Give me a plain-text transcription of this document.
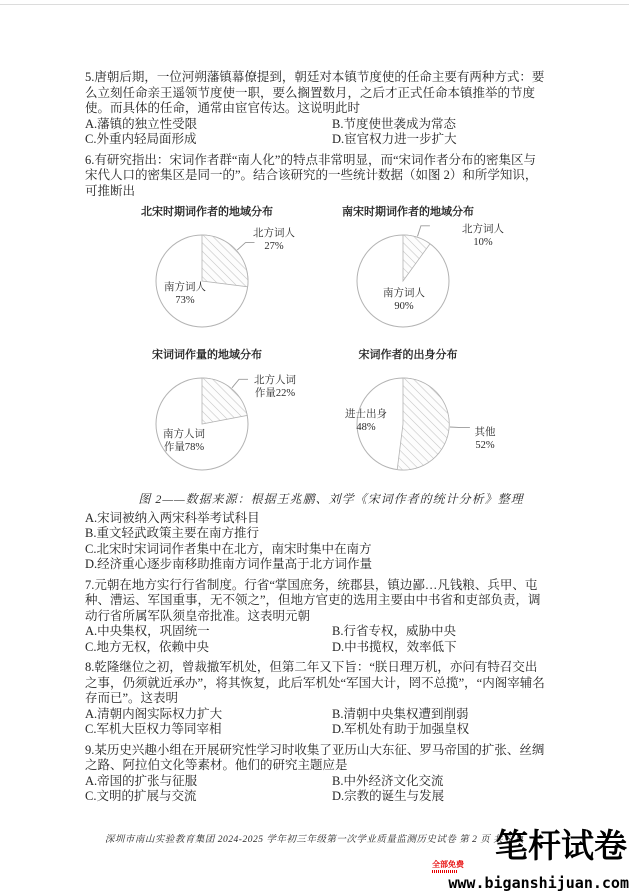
5.唐朝后期，一位河朔藩镇幕僚提到，朝廷对本镇节度使的任命主要有两种方式：要么立刻任命亲王遥领节度使一职，要么搁置数月，之后才正式任命本镇推举的节度使。而具体的任命，通常由宦官传达。这说明此时

A.藩镇的独立性受限	B.节度使世袭成为常态
C.外重内轻局面形成	D.宦官权力进一步扩大

6.有研究指出：宋词作者群“南人化”的特点非常明显，而“宋词作者分布的密集区与宋代人口的密集区是同一的”。结合该研究的一些统计数据（如图 2）和所学知识，可推断出

北宋时期词作者的地域分布
北方词人
27%
南方词人
73%
南宋时期词作者的地域分布
北方词人
10%
南方词人
90%
宋词词作量的地域分布
北方人词
作量22%
南方人词
作量78%
宋词作者的出身分布
其他
52%
进士出身
48%
图 2——数据来源：根据王兆鹏、刘学《宋词作者的统计分析》整理
A.宋词被纳入两宋科举考试科目
B.重文轻武政策主要在南方推行
C.北宋时宋词词作者集中在北方，南宋时集中在南方
D.经济重心逐步南移助推南方词作量高于北方词作量

7.元朝在地方实行行省制度。行省“掌国庶务，统郡县，镇边鄙…凡钱粮、兵甲、屯种、漕运、军国重事，无不领之”，但地方官吏的选用主要由中书省和吏部负责，调动行省所属军队须皇帝批准。这表明元朝

A.中央集权，巩固统一	B.行省专权，威胁中央
C.地方无权，依赖中央	D.中书揽权，效率低下

8.乾隆继位之初，曾裁撤军机处，但第二年又下旨：“朕日理万机，亦问有特召交出之事，仍须就近承办”，将其恢复，此后军机处“军国大计，罔不总揽”，“内阁宰辅名存而已”。这表明

A.清朝内阁实际权力扩大	B.清朝中央集权遭到削弱
C.军机大臣权力等同宰相	D.军机处有助于加强皇权

9.某历史兴趣小组在开展研究性学习时收集了亚历山大东征、罗马帝国的扩张、丝绸之路、阿拉伯文化等素材。他们的研究主题应是

A.帝国的扩张与征服	B.中外经济文化交流
C.文明的扩展与交流	D.宗教的诞生与发展
深圳市南山实验教育集团 2024-2025 学年初三年级第一次学业质量监测历史试卷 第 2 页 共 6 页
笔杆试卷
全部免费
www.biganshijuan.com
